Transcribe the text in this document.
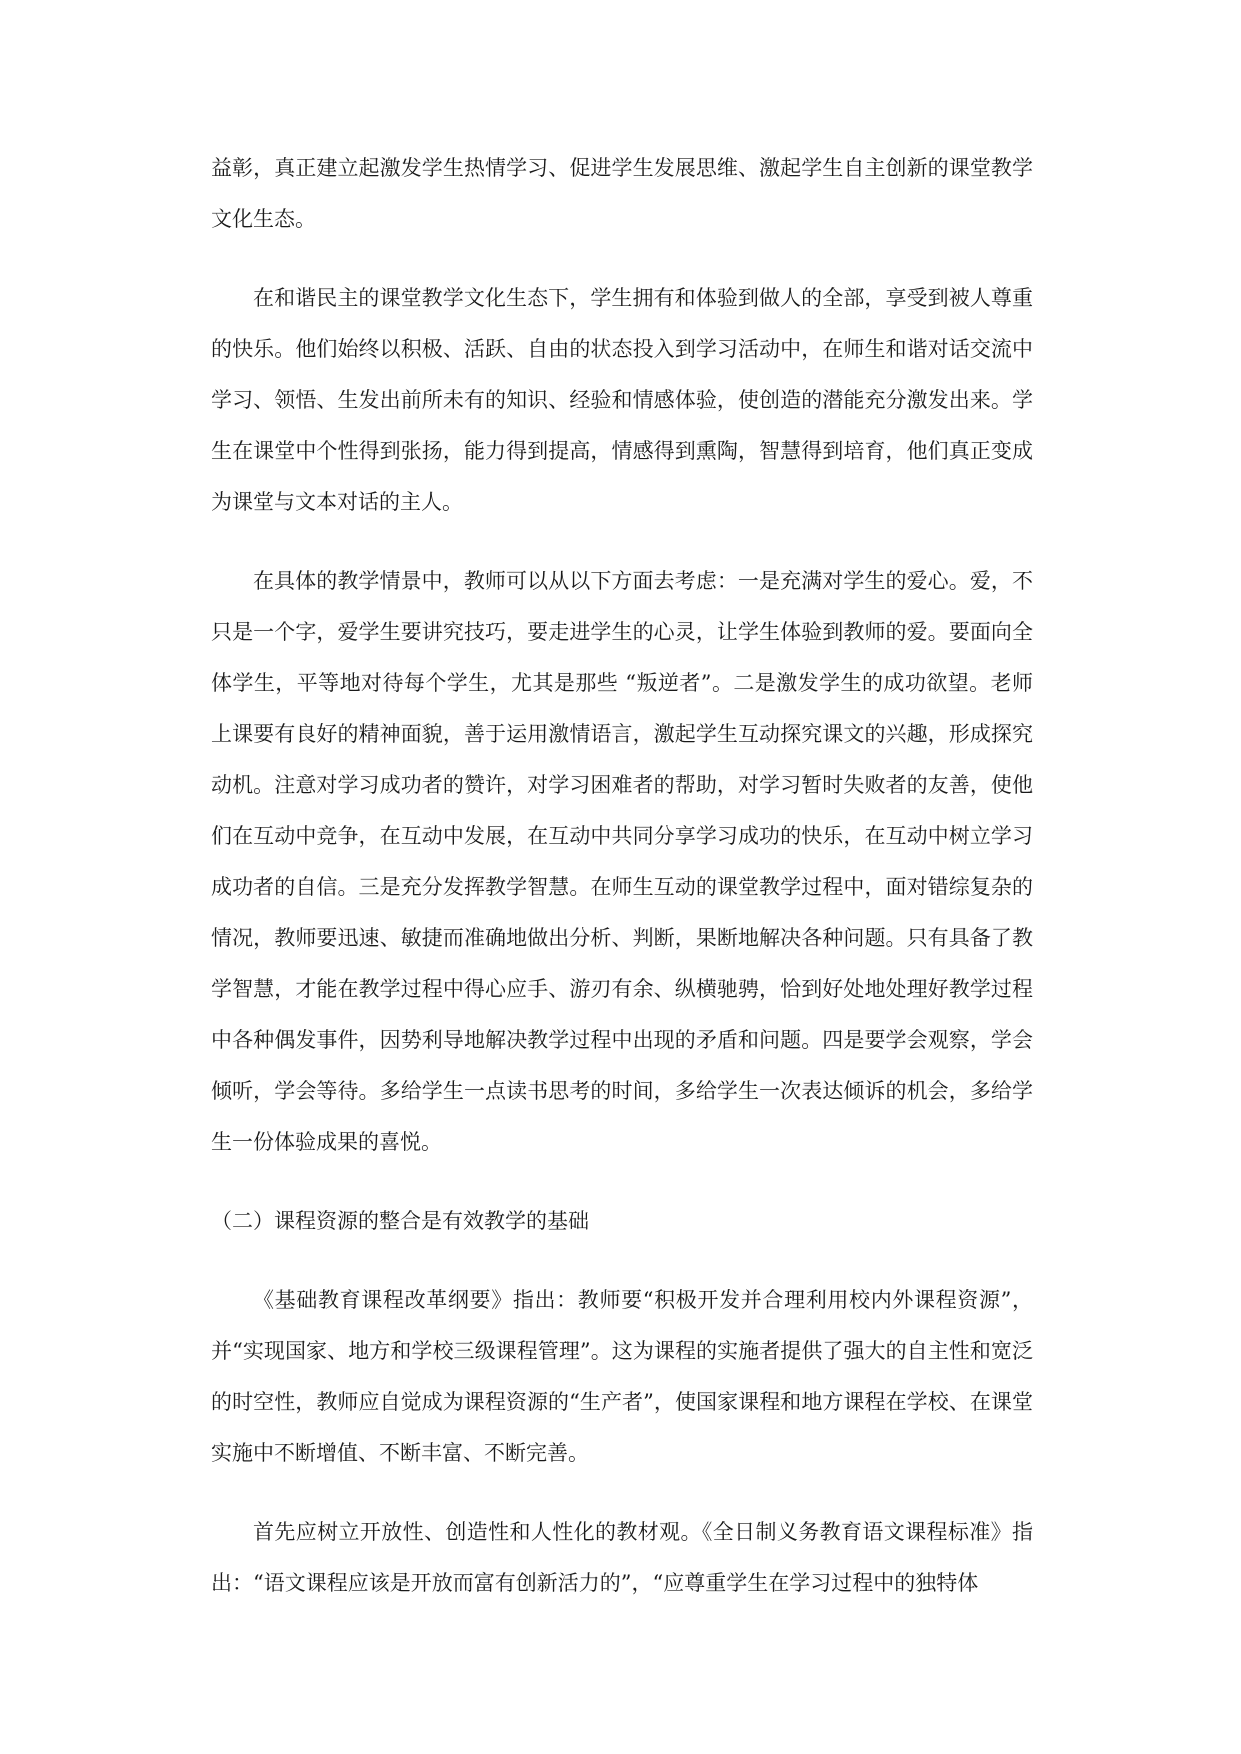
益彰，真正建立起激发学生热情学习、促进学生发展思维、激起学生自主创新的课堂教学文化生态。

在和谐民主的课堂教学文化生态下，学生拥有和体验到做人的全部，享受到被人尊重的快乐。他们始终以积极、活跃、自由的状态投入到学习活动中，在师生和谐对话交流中学习、领悟、生发出前所未有的知识、经验和情感体验，使创造的潜能充分激发出来。学生在课堂中个性得到张扬，能力得到提高，情感得到熏陶，智慧得到培育，他们真正变成为课堂与文本对话的主人。

在具体的教学情景中，教师可以从以下方面去考虑：一是充满对学生的爱心。爱，不只是一个字，爱学生要讲究技巧，要走进学生的心灵，让学生体验到教师的爱。要面向全体学生，平等地对待每个学生，尤其是那些 “叛逆者”。二是激发学生的成功欲望。老师上课要有良好的精神面貌，善于运用激情语言，激起学生互动探究课文的兴趣，形成探究动机。注意对学习成功者的赞许，对学习困难者的帮助，对学习暂时失败者的友善，使他们在互动中竞争，在互动中发展，在互动中共同分享学习成功的快乐，在互动中树立学习成功者的自信。三是充分发挥教学智慧。在师生互动的课堂教学过程中，面对错综复杂的情况，教师要迅速、敏捷而准确地做出分析、判断，果断地解决各种问题。只有具备了教学智慧，才能在教学过程中得心应手、游刃有余、纵横驰骋，恰到好处地处理好教学过程中各种偶发事件，因势利导地解决教学过程中出现的矛盾和问题。四是要学会观察，学会倾听，学会等待。多给学生一点读书思考的时间，多给学生一次表达倾诉的机会，多给学生一份体验成果的喜悦。

（二）课程资源的整合是有效教学的基础

《基础教育课程改革纲要》指出：教师要“积极开发并合理利用校内外课程资源”，并“实现国家、地方和学校三级课程管理”。这为课程的实施者提供了强大的自主性和宽泛的时空性，教师应自觉成为课程资源的“生产者”，使国家课程和地方课程在学校、在课堂实施中不断增值、不断丰富、不断完善。

首先应树立开放性、创造性和人性化的教材观。《全日制义务教育语文课程标准》指出：“语文课程应该是开放而富有创新活力的”，“应尊重学生在学习过程中的独特体
